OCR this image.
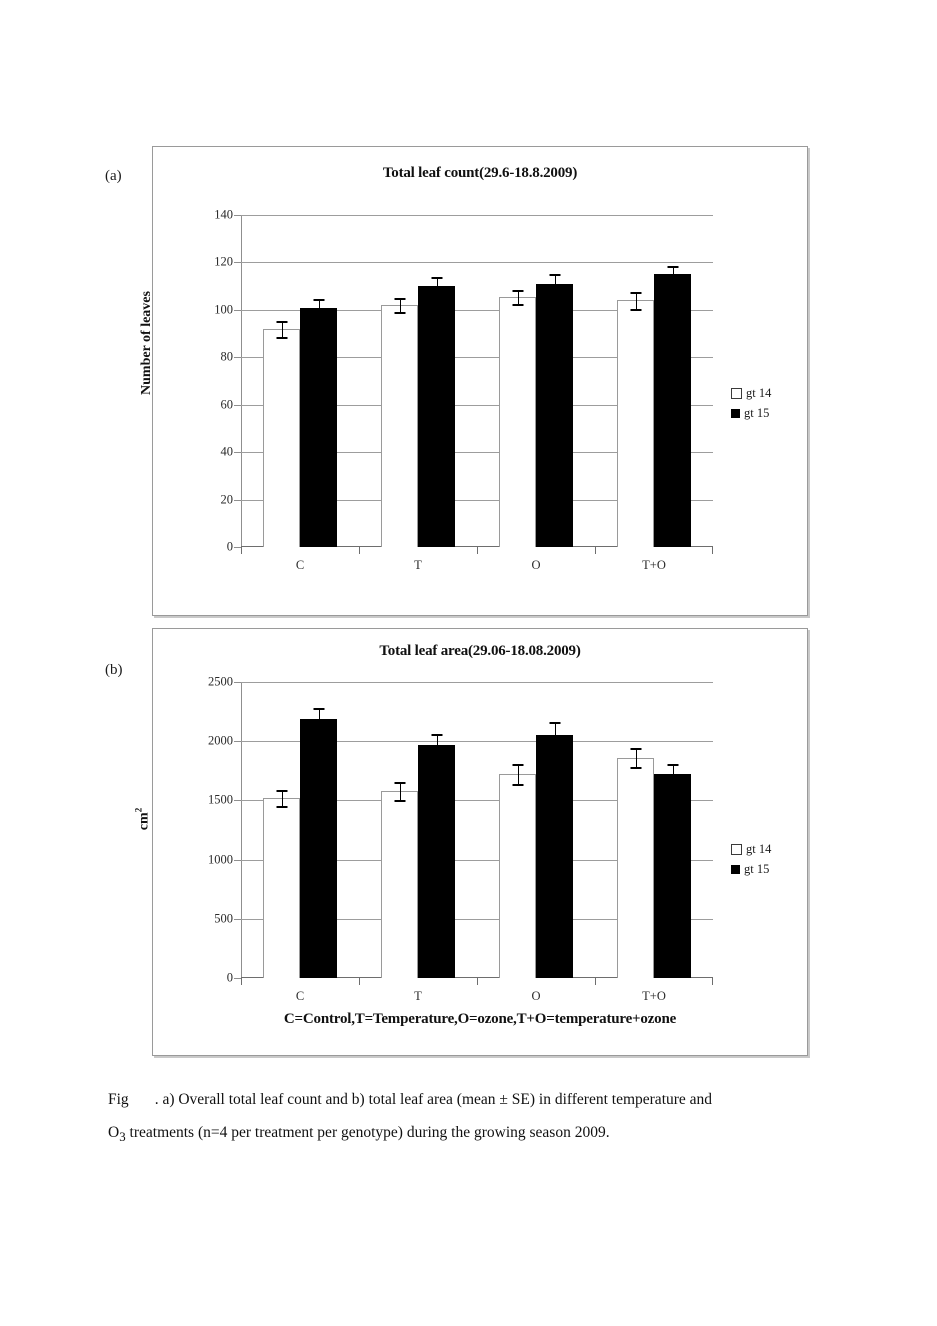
(a)	Total leaf count(29.6-18.8.2009)
Number of leaves
0
20
40
60
80
100
120
140
C	T	O	T+O
gt 14
gt 15
(b)
Total leaf area(29.06-18.08.2009)
$cm^2$
0
500
1000
1500
2000
2500
C	T	O	T+O
gt 14
gt 15
C=Control,T=Temperature,O=ozone,T+O=temperature+ozone
Fig . a) Overall total leaf count and b) total leaf area (mean ± SE) in different temperature and
$O_3$ treatments (n=4 per treatment per genotype) during the growing season 2009.
